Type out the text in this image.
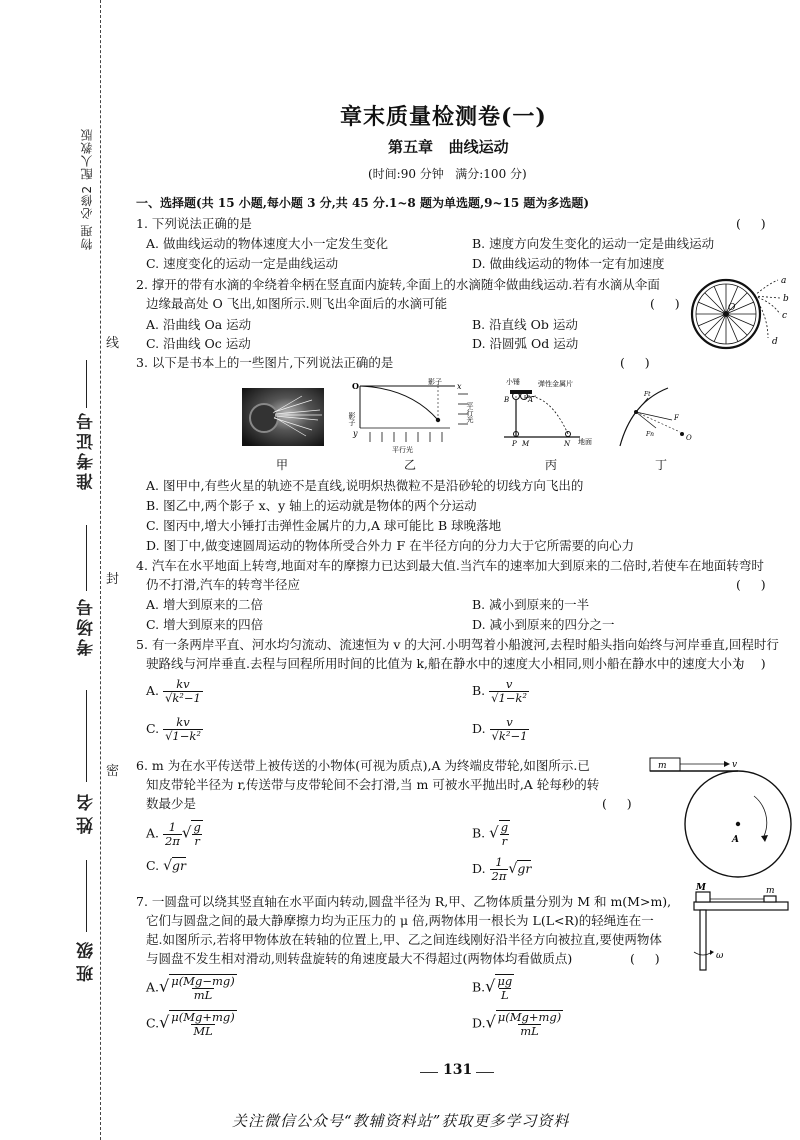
物理 必修2 配人教版
线
封
密
准考证号
考场号
姓名
班级
章末质量检测卷(一)
第五章   曲线运动
(时间:90 分钟   满分:100 分)
一、选择题(共 15 小题,每小题 3 分,共 45 分.1~8 题为单选题,9~15 题为多选题)
1. 下列说法正确的是	(     )
A. 做曲线运动的物体速度大小一定发生变化	B. 速度方向发生变化的运动一定是曲线运动
C. 速度变化的运动一定是曲线运动	D. 做曲线运动的物体一定有加速度
2. 撑开的带有水滴的伞绕着伞柄在竖直面内旋转,伞面上的水滴随伞做曲线运动.若有水滴从伞面
边缘最高处 O 飞出,如图所示.则飞出伞面后的水滴可能	(     )
A. 沿曲线 Oa 运动	B. 沿直线 Ob 运动
C. 沿曲线 Oc 运动	D. 沿圆弧 Od 运动
O
a
b
c
d
3. 以下是书本上的一些图片,下列说法正确的是	(     )
O	影子 x
平行光
影子
y
平行光
小锤	弹性金属片
B	A
P M	N 地面
F
Ft
Fn	O
甲	乙	丙	丁
A. 图甲中,有些火星的轨迹不是直线,说明炽热微粒不是沿砂轮的切线方向飞出的
B. 图乙中,两个影子 x、y 轴上的运动就是物体的两个分运动
C. 图丙中,增大小锤打击弹性金属片的力,A 球可能比 B 球晚落地
D. 图丁中,做变速圆周运动的物体所受合外力 F 在半径方向的分力大于它所需要的向心力
4. 汽车在水平地面上转弯,地面对车的摩擦力已达到最大值.当汽车的速率加大到原来的二倍时,若使车在地面转弯时
仍不打滑,汽车的转弯半径应	(     )
A. 增大到原来的二倍	B. 减小到原来的一半
C. 增大到原来的四倍	D. 减小到原来的四分之一
5. 有一条两岸平直、河水均匀流动、流速恒为 v 的大河.小明驾着小船渡河,去程时船头指向始终与河岸垂直,回程时行
驶路线与河岸垂直.去程与回程所用时间的比值为 k,船在静水中的速度大小相同,则小船在静水中的速度大小为
(     )
A. $\frac{kv}{\text{√k²−1}}$	B. $\frac{v}{\text{√1−k²}}$
C. $\frac{kv}{\text{√1−k²}}$	D. $\frac{v}{\text{√k²−1}}$
6. m 为在水平传送带上被传送的小物体(可视为质点),A 为终端皮带轮,如图所示.已
知皮带轮半径为 r,传送带与皮带轮间不会打滑,当 m 可被水平抛出时,A 轮每秒的转
数最少是	(     )
A. $\frac{1}{2\pi}$ √ $\frac{g}{r}$	B. √ $\frac{g}{r}$
C. √gr	D. $\frac{1}{2\pi} √gr$
m	v
A
7. 一圆盘可以绕其竖直轴在水平面内转动,圆盘半径为 R,甲、乙物体质量分别为 M 和 m(M>m),
它们与圆盘之间的最大静摩擦力均为正压力的 μ 倍,两物体用一根长为 L(L<R)的轻绳连在一
起.如图所示,若将甲物体放在转轴的位置上,甲、乙之间连线刚好沿半径方向被拉直,要使两物体
与圆盘不发生相对滑动,则转盘旋转的角速度最大不得超过(两物体均看做质点)	(     )
$A.√ \frac{\mu(Mg-mg)}{mL}$	$B.√ \frac{\mu g}{L}$
$C.√ \frac{\mu(Mg+mg)}{ML}$	$D.√ \frac{\mu(Mg+mg)}{mL}$
M	m
ω
131
关注微信公众号“教辅资料站”获取更多学习资料
